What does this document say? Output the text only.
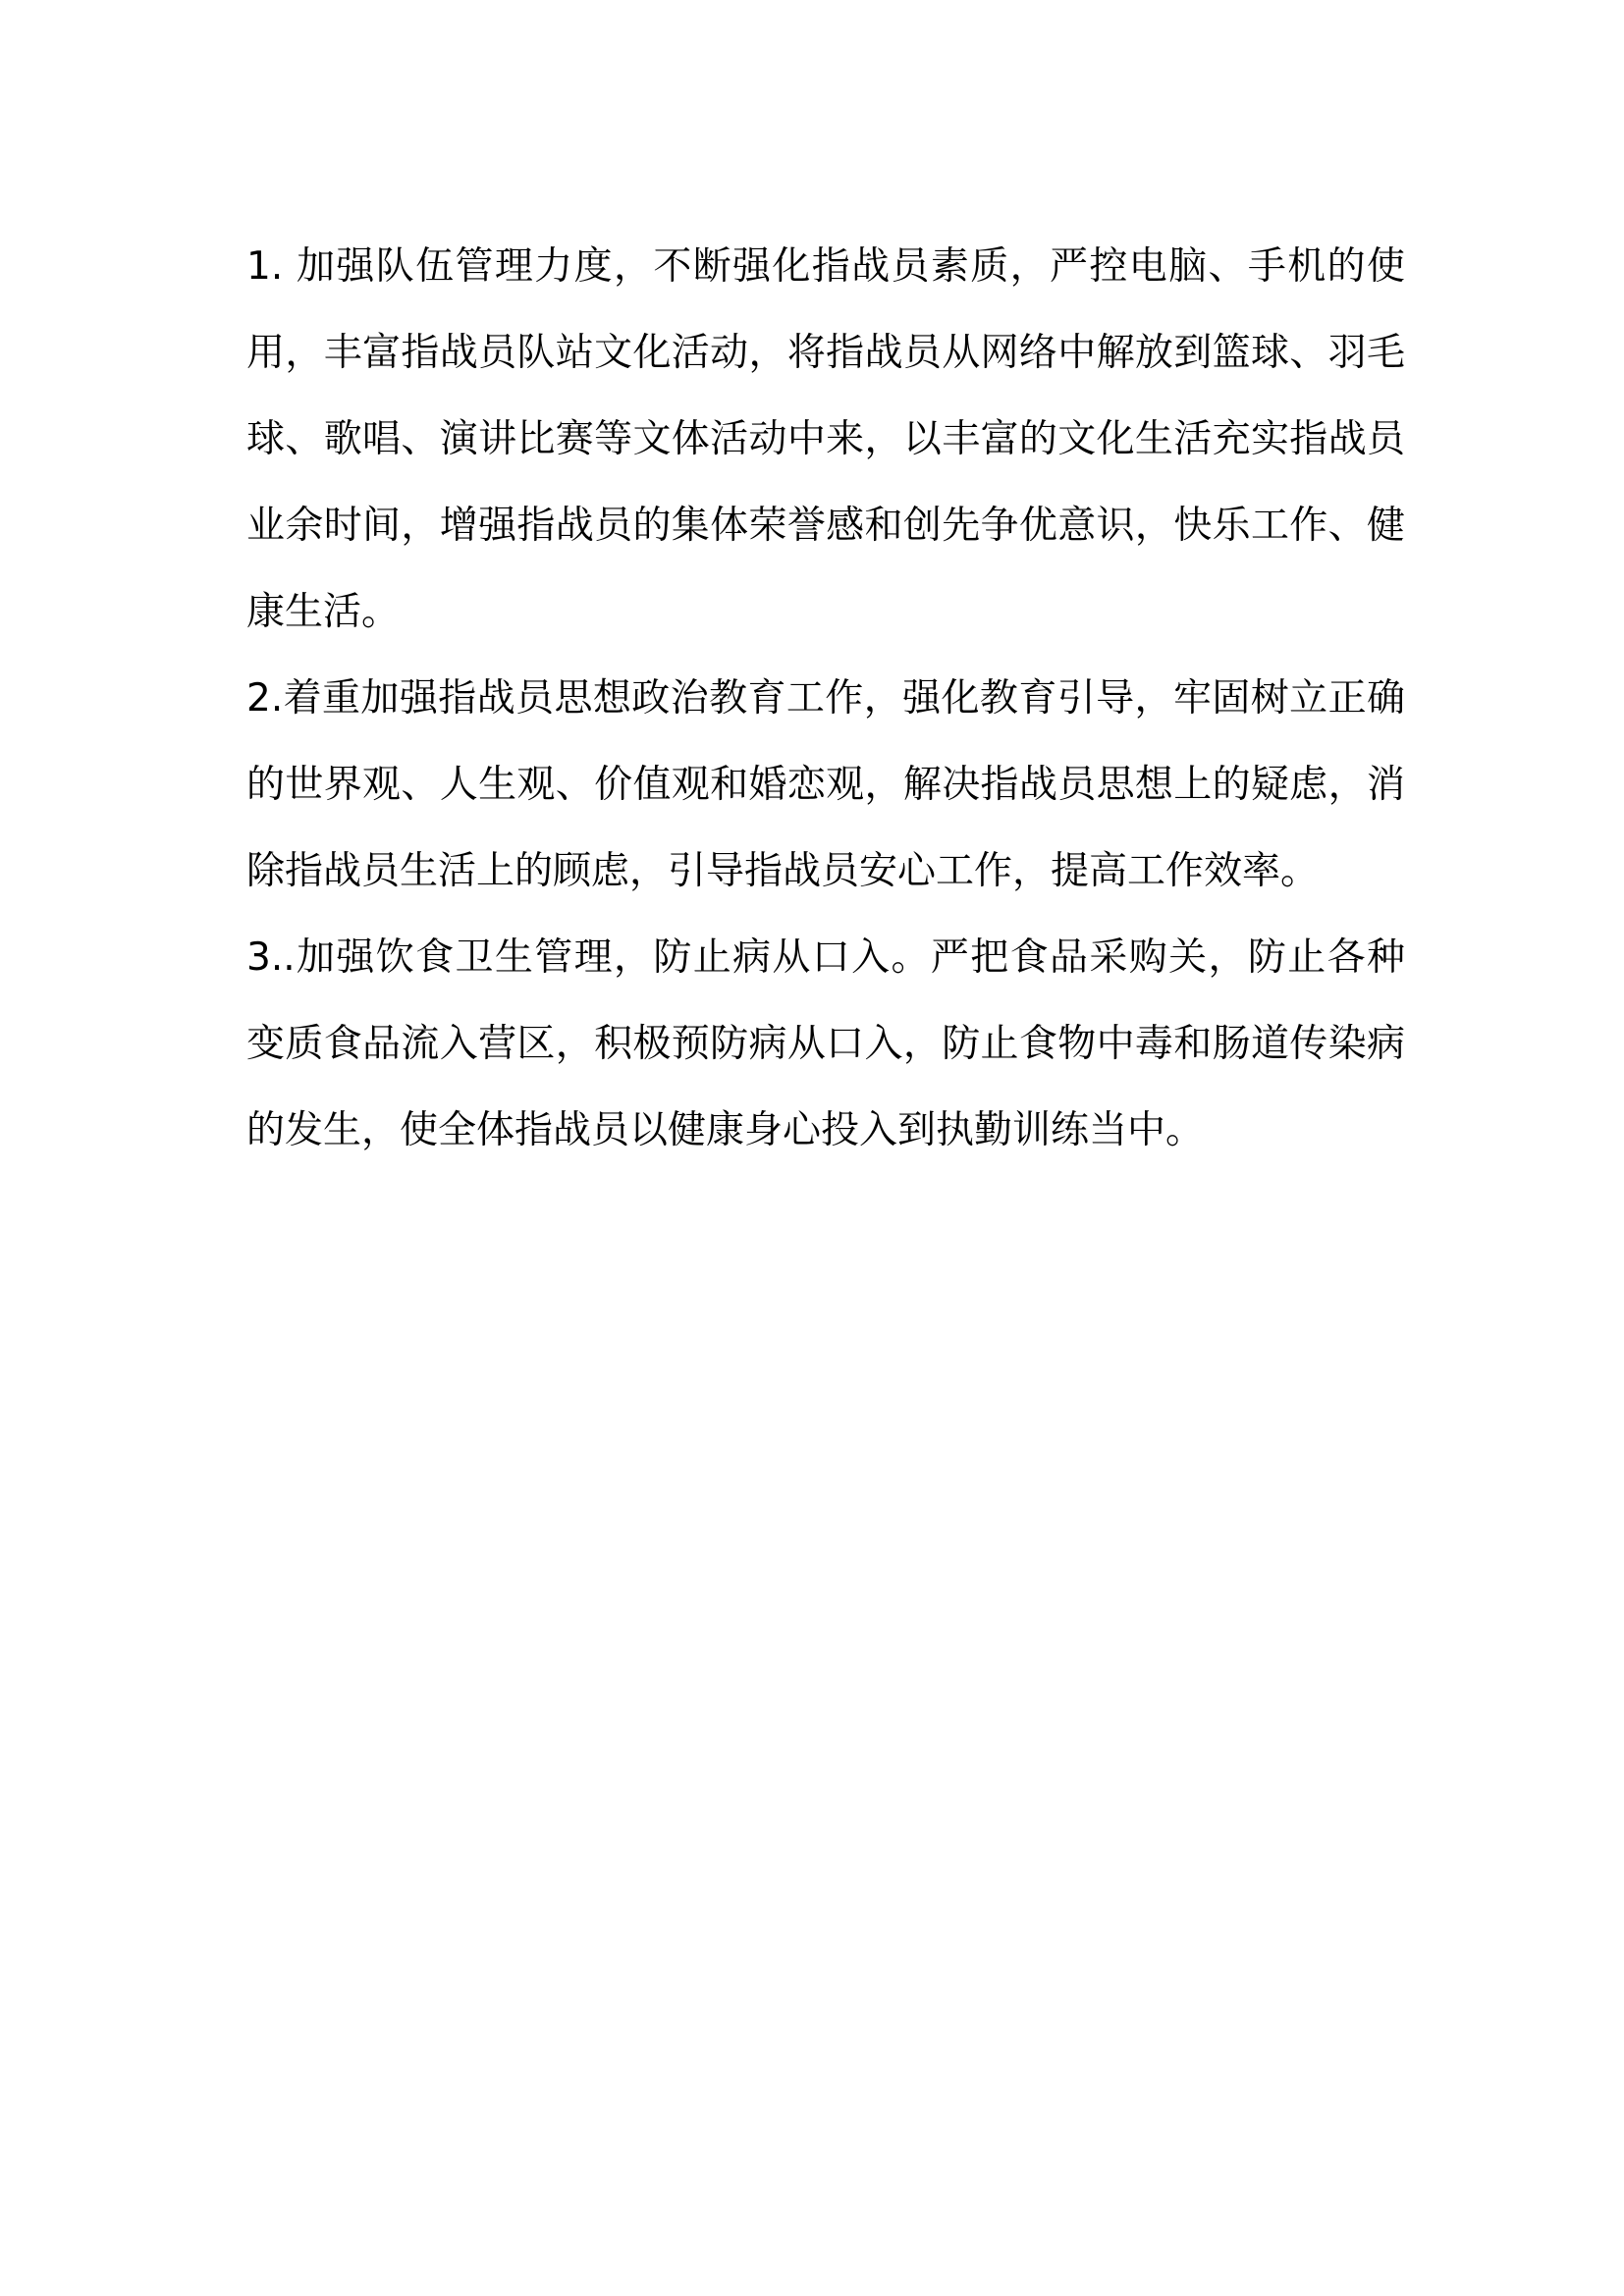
1. 加强队伍管理力度，不断强化指战员素质，严控电脑、手机的使用，丰富指战员队站文化活动，将指战员从网络中解放到篮球、羽毛球、歌唱、演讲比赛等文体活动中来，以丰富的文化生活充实指战员业余时间，增强指战员的集体荣誉感和创先争优意识，快乐工作、健康生活。

2.着重加强指战员思想政治教育工作，强化教育引导，牢固树立正确的世界观、人生观、价值观和婚恋观，解决指战员思想上的疑虑，消除指战员生活上的顾虑，引导指战员安心工作，提高工作效率。

3..加强饮食卫生管理，防止病从口入。严把食品采购关，防止各种变质食品流入营区，积极预防病从口入，防止食物中毒和肠道传染病的发生，使全体指战员以健康身心投入到执勤训练当中。
